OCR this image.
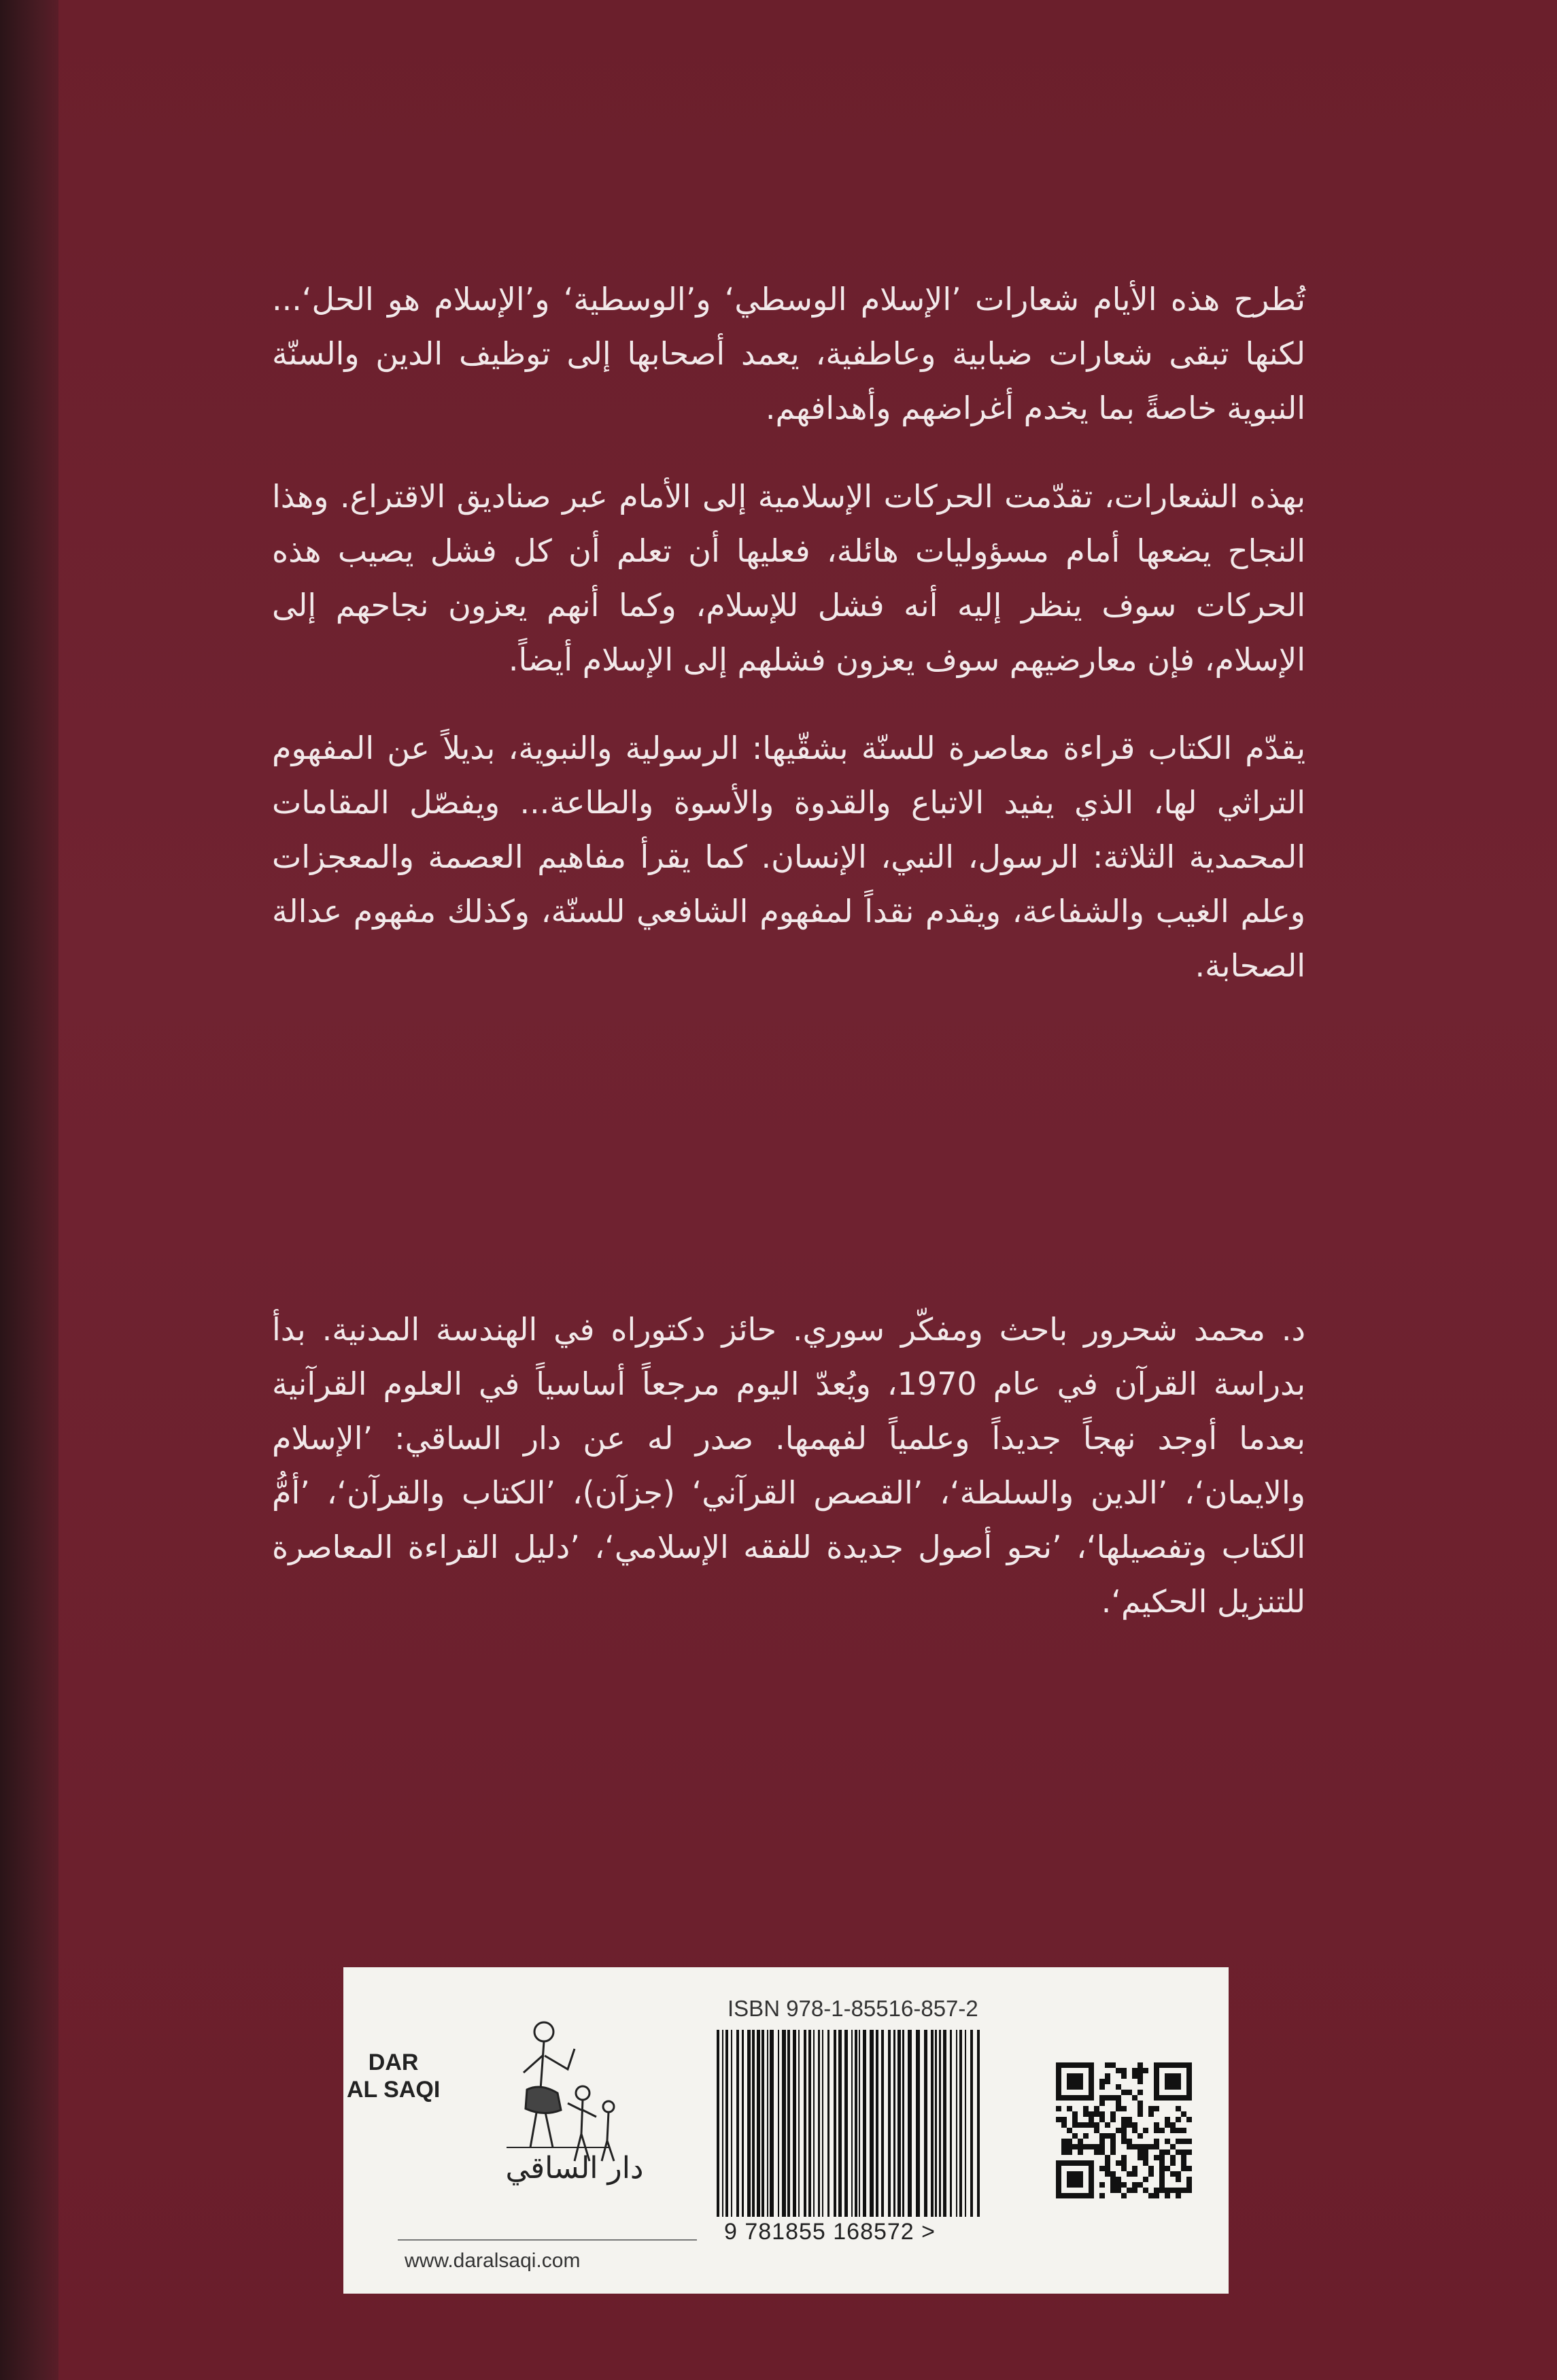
تُطرح هذه الأيام شعارات ’الإسلام الوسطي‘ و’الوسطية‘ و’الإسلام هو الحل‘... لكنها تبقى شعارات ضبابية وعاطفية، يعمد أصحابها إلى توظيف الدين والسنّة النبوية خاصةً بما يخدم أغراضهم وأهدافهم.

بهذه الشعارات، تقدّمت الحركات الإسلامية إلى الأمام عبر صناديق الاقتراع. وهذا النجاح يضعها أمام مسؤوليات هائلة، فعليها أن تعلم أن كل فشل يصيب هذه الحركات سوف ينظر إليه أنه فشل للإسلام، وكما أنهم يعزون نجاحهم إلى الإسلام، فإن معارضيهم سوف يعزون فشلهم إلى الإسلام أيضاً.

يقدّم الكتاب قراءة معاصرة للسنّة بشقّيها: الرسولية والنبوية، بديلاً عن المفهوم التراثي لها، الذي يفيد الاتباع والقدوة والأسوة والطاعة... ويفصّل المقامات المحمدية الثلاثة: الرسول، النبي، الإنسان. كما يقرأ مفاهيم العصمة والمعجزات وعلم الغيب والشفاعة، ويقدم نقداً لمفهوم الشافعي للسنّة، وكذلك مفهوم عدالة الصحابة.

د. محمد شحرور باحث ومفكّر سوري. حائز دكتوراه في الهندسة المدنية. بدأ بدراسة القرآن في عام 1970، ويُعدّ اليوم مرجعاً أساسياً في العلوم القرآنية بعدما أوجد نهجاً جديداً وعلمياً لفهمها. صدر له عن دار الساقي: ’الإسلام والايمان‘، ’الدين والسلطة‘، ’القصص القرآني‘ (جزآن)، ’الكتاب والقرآن‘، ’أمُّ الكتاب وتفصيلها‘، ’نحو أصول جديدة للفقه الإسلامي‘، ’دليل القراءة المعاصرة للتنزيل الحكيم‘.

دار الساقي
DAR
AL SAQI
www.daralsaqi.com
ISBN 978-1-85516-857-2
9 781855 168572 >
